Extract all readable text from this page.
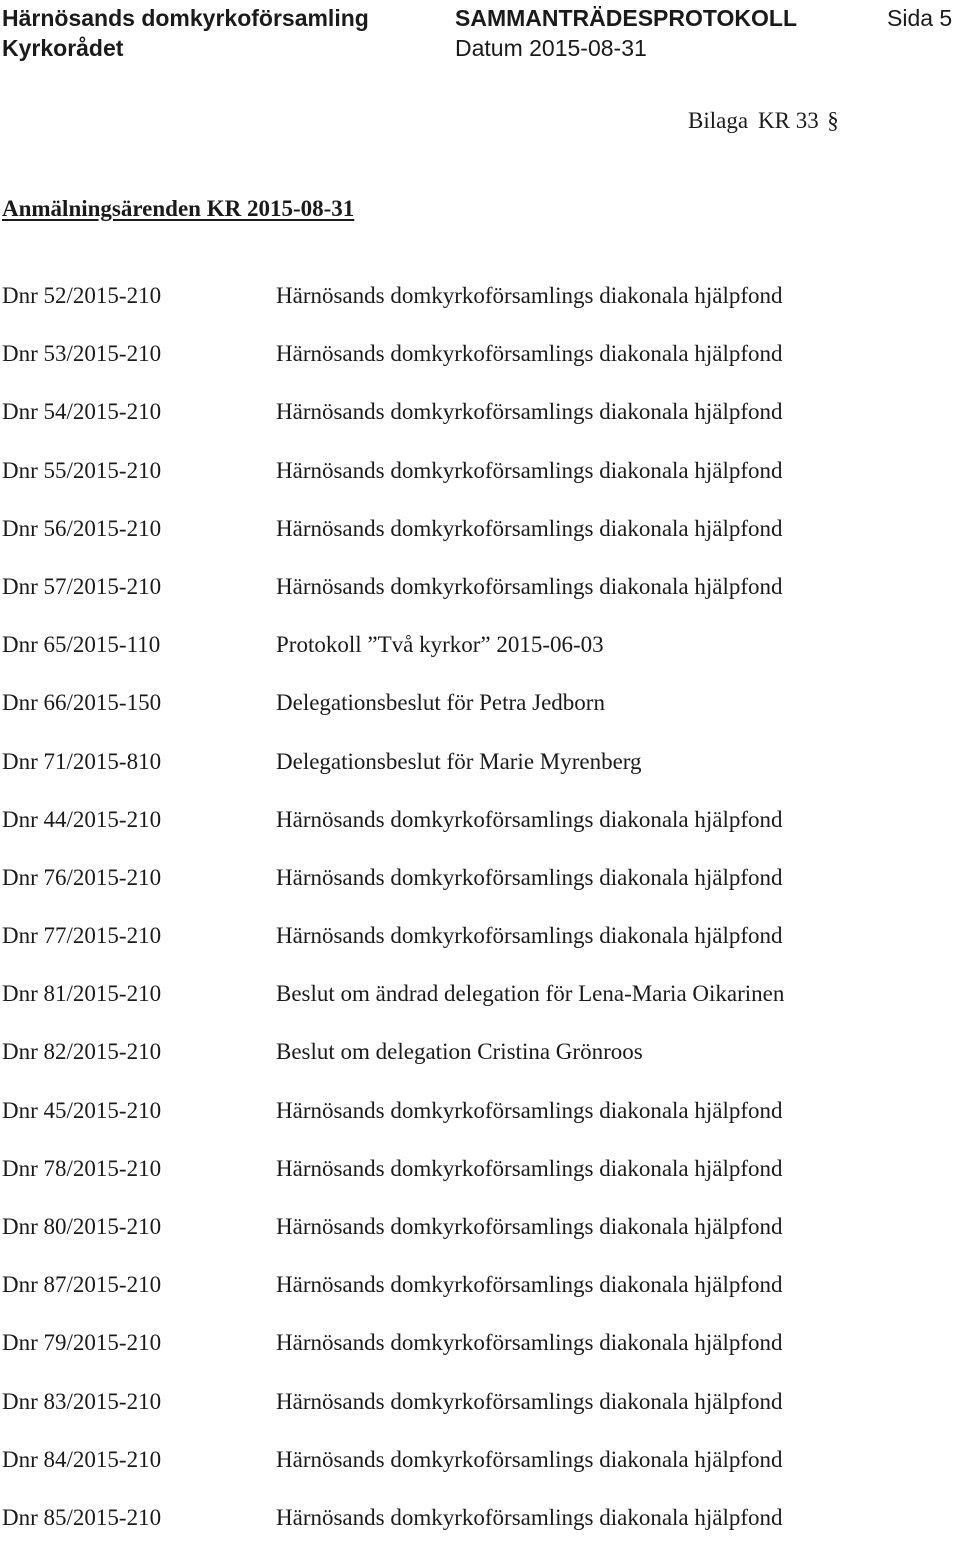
Härnösands domkyrkoförsamling	SAMMANTRÄDESPROTOKOLL	Sida 5
Kyrkorådet	Datum 2015-08-31
Bilaga KR 33 §
Anmälningsärenden KR 2015-08-31
Dnr 52/2015-210	Härnösands domkyrkoförsamlings diakonala hjälpfond
Dnr 53/2015-210	Härnösands domkyrkoförsamlings diakonala hjälpfond
Dnr 54/2015-210	Härnösands domkyrkoförsamlings diakonala hjälpfond
Dnr 55/2015-210	Härnösands domkyrkoförsamlings diakonala hjälpfond
Dnr 56/2015-210	Härnösands domkyrkoförsamlings diakonala hjälpfond
Dnr 57/2015-210	Härnösands domkyrkoförsamlings diakonala hjälpfond
Dnr 65/2015-110	Protokoll ”Två kyrkor” 2015-06-03
Dnr 66/2015-150	Delegationsbeslut för Petra Jedborn
Dnr 71/2015-810	Delegationsbeslut för Marie Myrenberg
Dnr 44/2015-210	Härnösands domkyrkoförsamlings diakonala hjälpfond
Dnr 76/2015-210	Härnösands domkyrkoförsamlings diakonala hjälpfond
Dnr 77/2015-210	Härnösands domkyrkoförsamlings diakonala hjälpfond
Dnr 81/2015-210	Beslut om ändrad delegation för Lena-Maria Oikarinen
Dnr 82/2015-210	Beslut om delegation Cristina Grönroos
Dnr 45/2015-210	Härnösands domkyrkoförsamlings diakonala hjälpfond
Dnr 78/2015-210	Härnösands domkyrkoförsamlings diakonala hjälpfond
Dnr 80/2015-210	Härnösands domkyrkoförsamlings diakonala hjälpfond
Dnr 87/2015-210	Härnösands domkyrkoförsamlings diakonala hjälpfond
Dnr 79/2015-210	Härnösands domkyrkoförsamlings diakonala hjälpfond
Dnr 83/2015-210	Härnösands domkyrkoförsamlings diakonala hjälpfond
Dnr 84/2015-210	Härnösands domkyrkoförsamlings diakonala hjälpfond
Dnr 85/2015-210	Härnösands domkyrkoförsamlings diakonala hjälpfond
